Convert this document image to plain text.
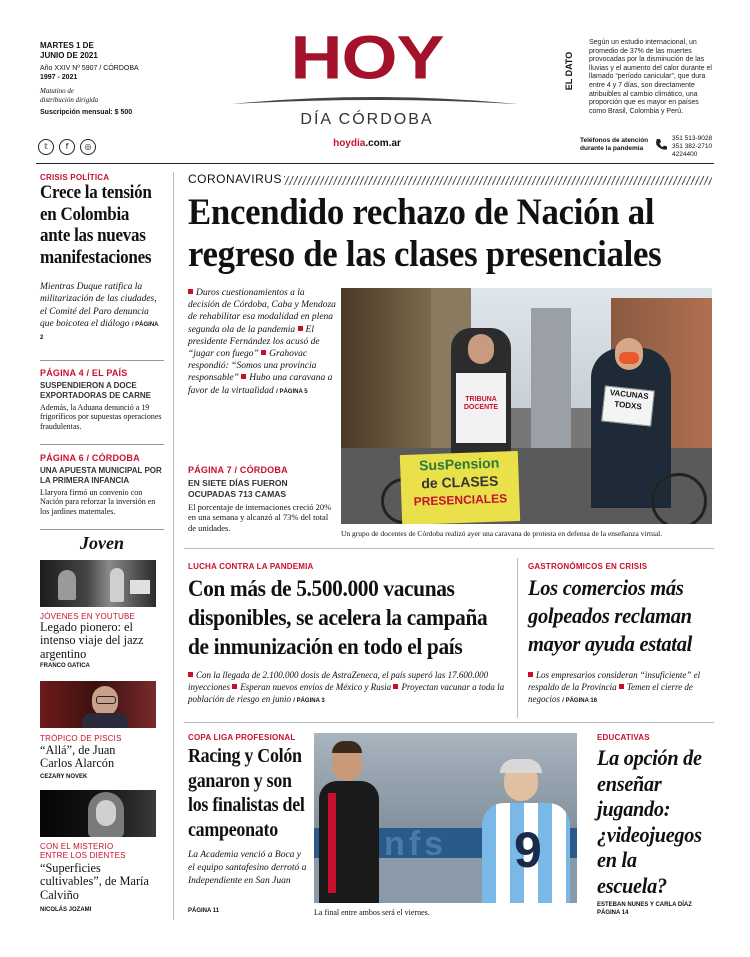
MARTES 1 DE
JUNIO DE 2021
Año XXIV Nº 5907 / CÓRDOBA
1997 - 2021
Matutino de
distribución dirigida
Suscripción mensual: $ 500
𝕥	f	◎
HOY
DÍA CÓRDOBA
hoydia.com.ar
EL DATO
Según un estudio internacional, un promedio de 37% de las muertes provocadas por la disminución de las lluvias y el aumento del calor durante el llamado “período canicular”, que dura entre 4 y 7 días, son directamente atribuibles al cambio climático, una proporción que es mayor en países como Brasil, Colombia y Perú.
Teléfonos de atención
durante la pandemia
351 513-9028
351 382-2710
4224400
CRISIS POLÍTICA
Crece la tensión en Colombia ante las nuevas manifestaciones
Mientras Duque ratifica la militarización de las ciudades, el Comité del Paro denuncia que boicotea el diálogo / PÁGINA 2
PÁGINA 4 / EL PAÍS
SUSPENDIERON A DOCE EXPORTADORAS DE CARNE
Además, la Aduana denunció a 19 frigoríficos por supuestas operaciones fraudulentas.
PÁGINA 6 / CÓRDOBA
UNA APUESTA MUNICIPAL POR LA PRIMERA INFANCIA
Llaryora firmó un convenio con Nación para reforzar la inversión en los jardines maternales.
Joven
JÓVENES EN YOUTUBE
Legado pionero: el intenso viaje del jazz argentino
FRANCO GATICA
TRÓPICO DE PISCIS
“Allá”, de Juan Carlos Alarcón
CEZARY NOVEK
CON EL MISTERIO
ENTRE LOS DIENTES
“Superficies cultivables”, de María Calviño
NICOLÁS JOZAMI
CORONAVIRUS
Encendido rechazo de Nación al regreso de las clases presenciales
Duros cuestionamientos a la decisión de Córdoba, Caba y Mendoza de rehabilitar esa modalidad en plena segunda ola de la pandemia El presidente Fernández los acusó de “jugar con fuego” Grahovac respondió: “Somos una provincia responsable” Hubo una caravana a favor de la virtualidad / PÁGINA 5
PÁGINA 7 / CÓRDOBA
EN SIETE DÍAS FUERON OCUPADAS 713 CAMAS
El porcentaje de internaciones creció 20% en una semana y alcanzó al 73% del total de unidades.
TRIBUNA DOCENTE
VACUNAS TODXS
SusPension
de CLASES
PRESENCIALES
Un grupo de docentes de Córdoba realizó ayer una caravana de protesta en defensa de la enseñanza virtual.
LUCHA CONTRA LA PANDEMIA
Con más de 5.500.000 vacunas disponibles, se acelera la campaña de inmunización en todo el país
Con la llegada de 2.100.000 dosis de AstraZeneca, el país superó las 17.600.000 inyecciones Esperan nuevos envíos de México y Rusia Proyectan vacunar a toda la población de riesgo en junio / PÁGINA 3
GASTRONÓMICOS EN CRISIS
Los comercios más golpeados reclaman mayor ayuda estatal
Los empresarios consideran “insuficiente” el respaldo de la Provincia Temen el cierre de negocios / PÁGINA 16
COPA LIGA PROFESIONAL
Racing y Colón ganaron y son los finalistas del campeonato
La Academia venció a Boca y el equipo santafesino derrotó a Independiente en San Juan
PÁGINA 11
nfs 9
La final entre ambos será el viernes.
EDUCATIVAS
La opción de enseñar jugando: ¿videojuegos en la escuela?
ESTEBAN NUNES Y CARLA DÍAZ
PÁGINA 14
